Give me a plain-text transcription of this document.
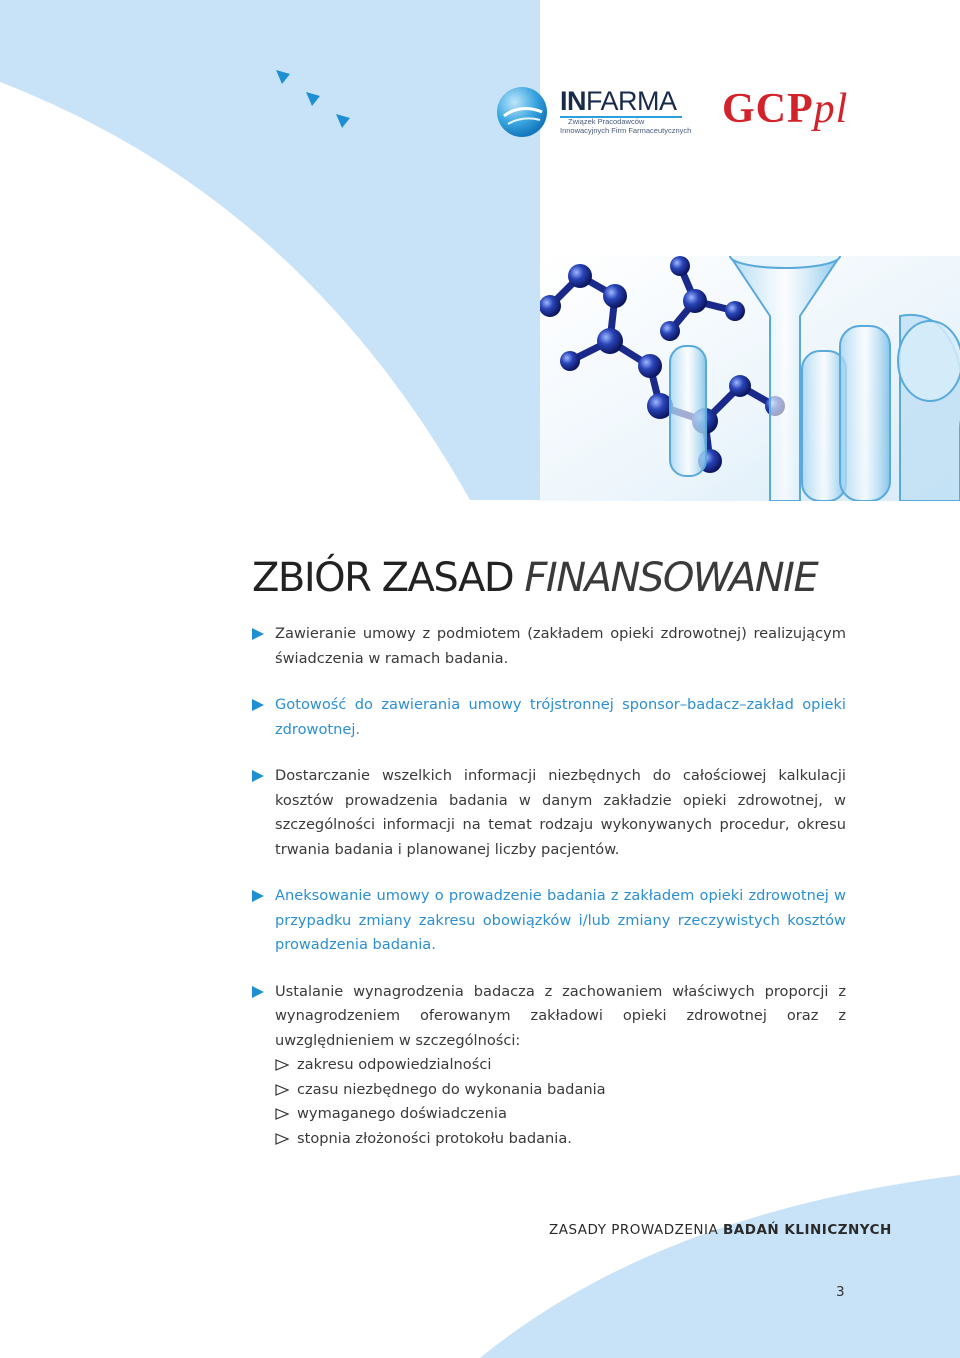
INFARMA
Związek Pracodawców
Innowacyjnych Firm Farmaceutycznych GCPpl
ZBIÓR ZASAD FINANSOWANIE
Zawieranie umowy z podmiotem (zakładem opieki zdrowotnej) realizującym świadczenia w ramach badania.
Gotowość do zawierania umowy trójstronnej sponsor–badacz–zakład opieki zdrowotnej.
Dostarczanie wszelkich informacji niezbędnych do całościowej kalkulacji kosztów prowadzenia badania w danym zakładzie opieki zdrowotnej, w szczególności informacji na temat rodzaju wykonywanych procedur, okresu trwania badania i planowanej liczby pacjentów.
Aneksowanie umowy o prowadzenie badania z zakładem opieki zdrowotnej w przypadku zmiany zakresu obowiązków i/lub zmiany rzeczywistych kosztów prowadzenia badania.
Ustalanie wynagrodzenia badacza z zachowaniem właściwych proporcji z wynagrodzeniem oferowanym zakładowi opieki zdrowotnej oraz z uwzględnieniem w szczególności:
zakresu odpowiedzialności
czasu niezbędnego do wykonania badania
wymaganego doświadczenia
stopnia złożoności protokołu badania.
ZASADY PROWADZENIA BADAŃ KLINICZNYCH
3
